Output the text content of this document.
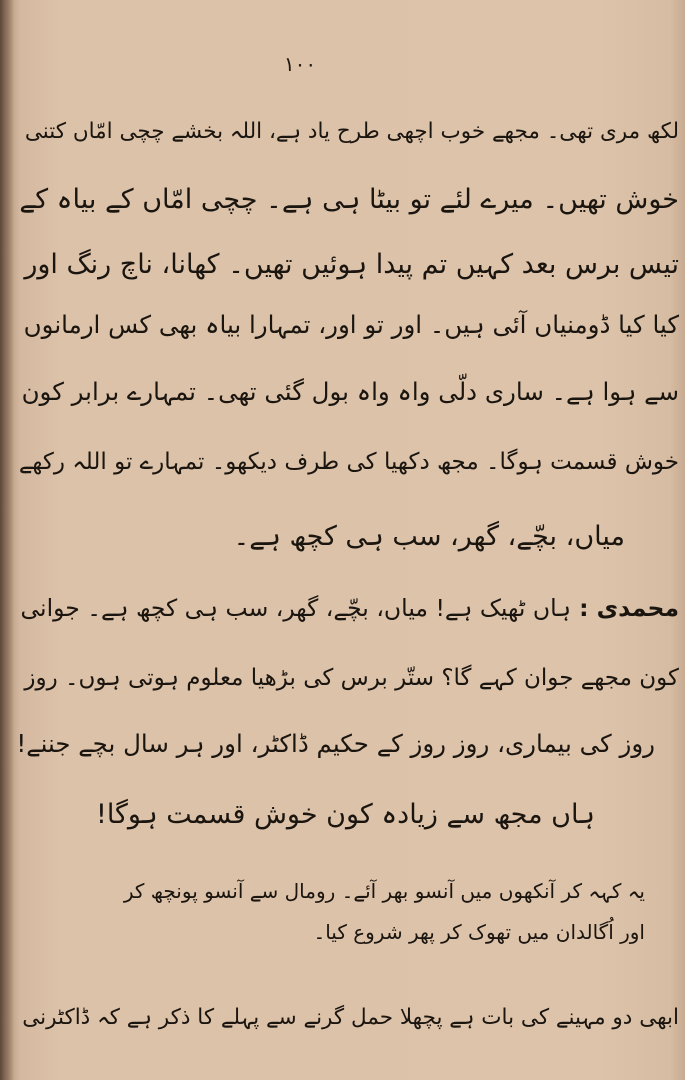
۱۰۰
لکھ مری تھی۔ مجھے خوب اچھی طرح یاد ہے، اللہ بخشے چچی امّاں کتنی
خوش تھیں۔ میرے لئے تو بیٹا ہی ہے۔ چچی امّاں کے بیاہ کے
تیس برس بعد کہیں تم پیدا ہوئیں تھیں۔ کھانا، ناچ رنگ اور
کیا کیا ڈومنیاں آئی ہیں۔ اور تو اور، تمہارا بیاہ بھی کس ارمانوں
سے ہوا ہے۔ ساری دلّی واہ واہ بول گئی تھی۔ تمہارے برابر کون
خوش قسمت ہوگا۔ مجھ دکھیا کی طرف دیکھو۔ تمہارے تو اللہ رکھے
میاں، بچّے، گھر، سب ہی کچھ ہے۔
محمدی :ہاں ٹھیک ہے! میاں، بچّے، گھر، سب ہی کچھ ہے۔ جوانی
کون مجھے جوان کہے گا؟ ستّر برس کی بڑھیا معلوم ہوتی ہوں۔ روز
روز کی بیماری، روز روز کے حکیم ڈاکٹر، اور ہر سال بچے جننے!
ہاں مجھ سے زیادہ کون خوش قسمت ہوگا!
یہ کہہ کر آنکھوں میں آنسو بھر آئے۔ رومال سے آنسو پونچھ کر
اور اُگالدان میں تھوک کر پھر شروع کیا۔
ابھی دو مہینے کی بات ہے پچھلا حمل گرنے سے پہلے کا ذکر ہے کہ ڈاکٹرنی
